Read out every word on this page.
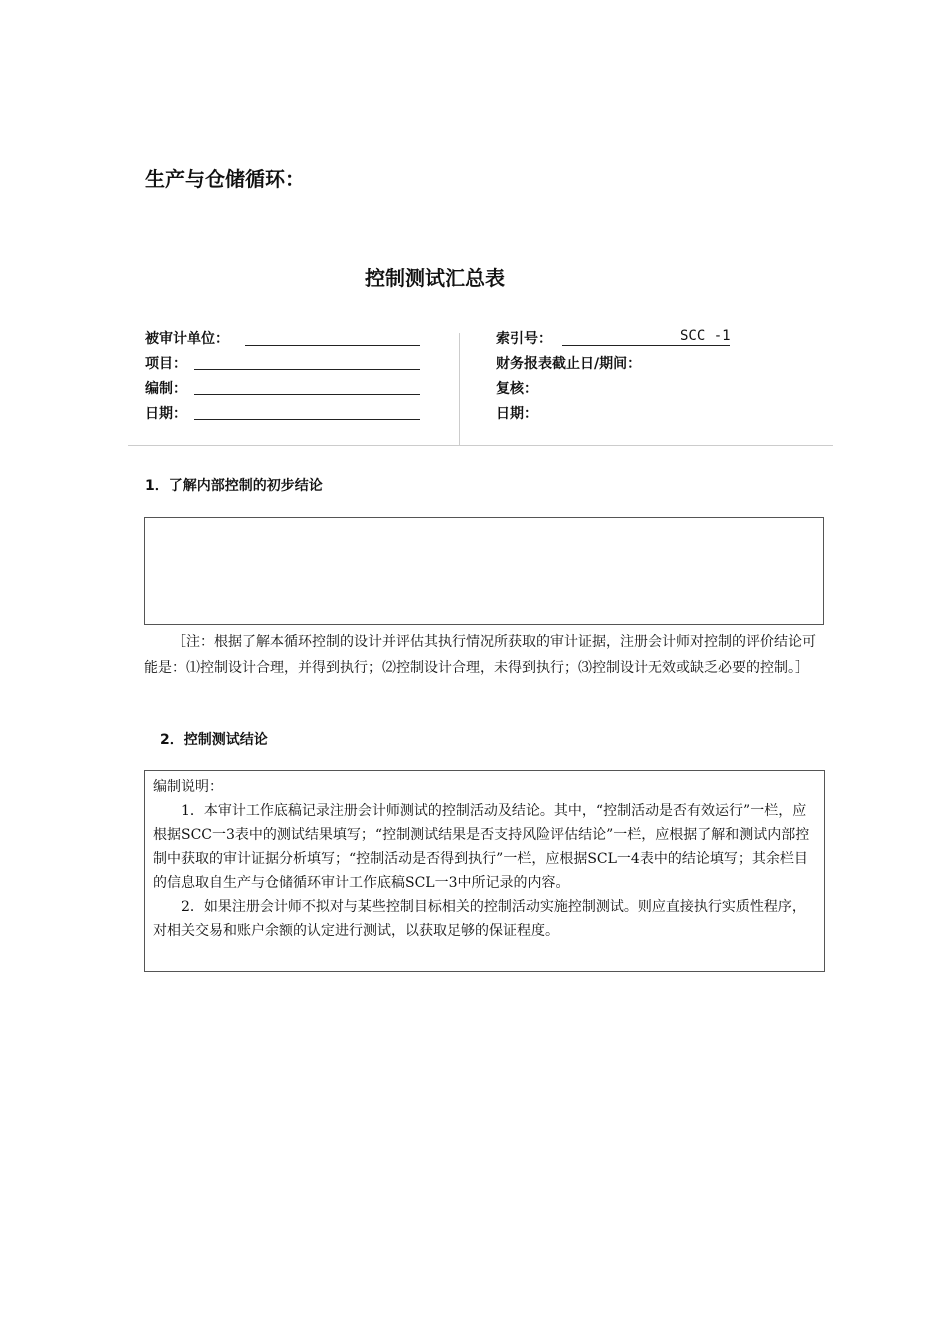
生产与仓储循环：
控制测试汇总表
被审计单位：
项目：
编制：
日期：
索引号：	SCC -1
财务报表截止日/期间：
复核：
日期：
1．了解内部控制的初步结论
［注：根据了解本循环控制的设计并评估其执行情况所获取的审计证据，注册会计师对控制的评价结论可能是：⑴控制设计合理，并得到执行；⑵控制设计合理，未得到执行；⑶控制设计无效或缺乏必要的控制。］
2．控制测试结论

编制说明：

1．本审计工作底稿记录注册会计师测试的控制活动及结论。其中，“控制活动是否有效运行”一栏，应根据SCC一3表中的测试结果填写；“控制测试结果是否支持风险评估结论”一栏，应根据了解和测试内部控制中获取的审计证据分析填写；“控制活动是否得到执行”一栏，应根据SCL一4表中的结论填写；其余栏目的信息取自生产与仓储循环审计工作底稿SCL一3中所记录的内容。

2．如果注册会计师不拟对与某些控制目标相关的控制活动实施控制测试。则应直接执行实质性程序，对相关交易和账户余额的认定进行测试，以获取足够的保证程度。
